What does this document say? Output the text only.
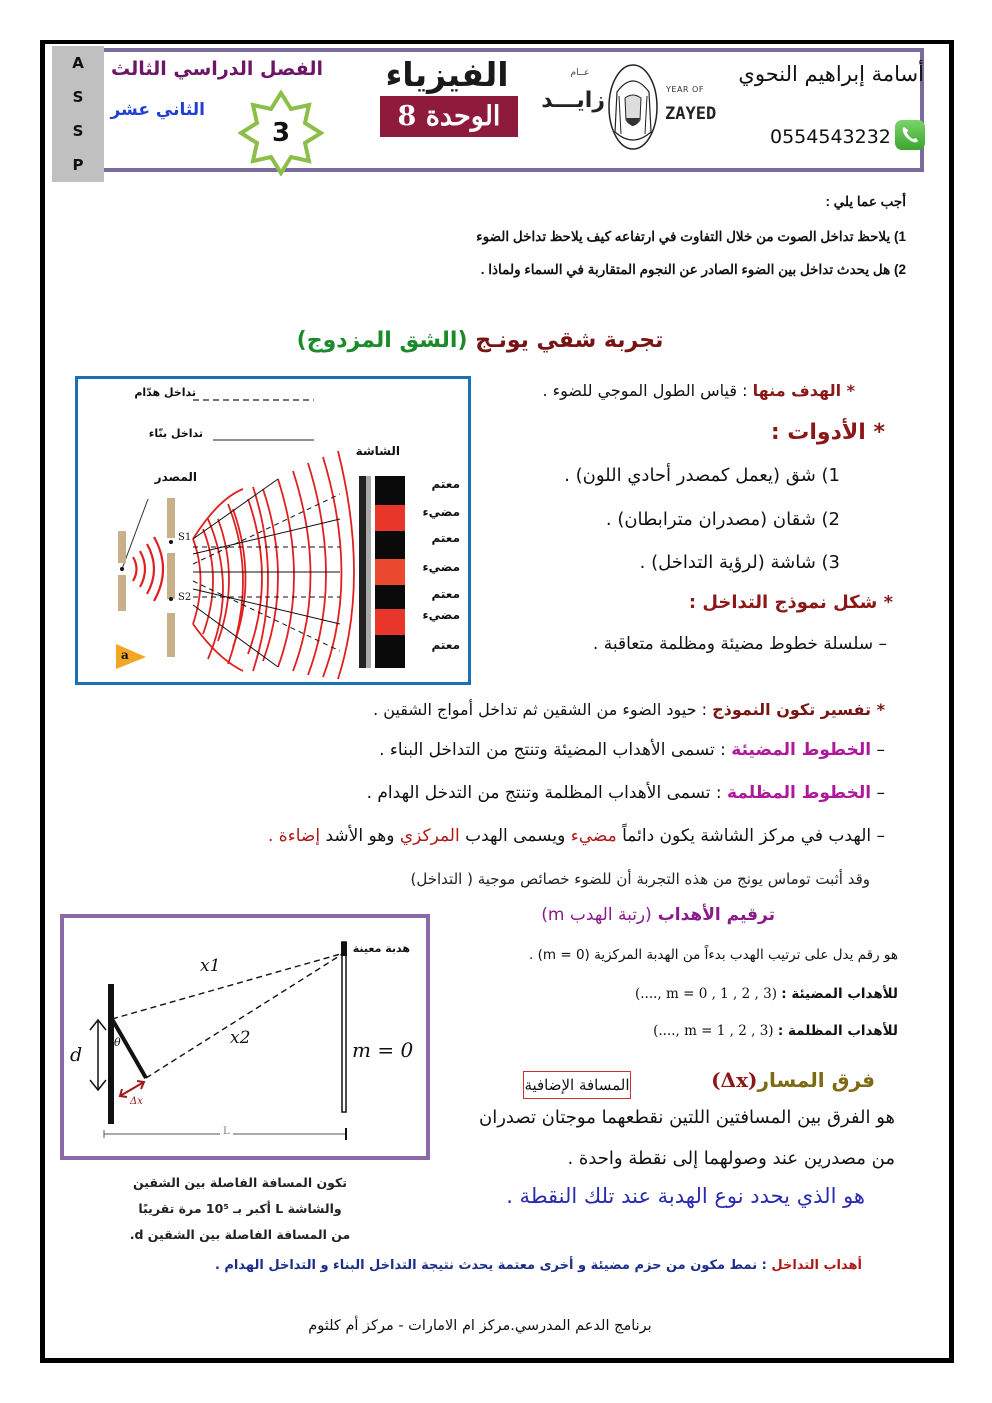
A
S
S
P
الفصل الدراسي الثالث
الثاني عشر
3
الفيزياء
الوحدة 8
عــام
زايـــد	YEAR OF
ZAYED
أسامة إبراهيم النحوي
0554543232
أجب عما يلي :
1) يلاحظ تداخل الصوت من خلال التفاوت في ارتفاعه كيف يلاحظ تداخل الضوء
2) هل يحدث تداخل بين الضوء الصادر عن النجوم المتقاربة في السماء ولماذا .
تجربة شقي يونـج (الشق المزدوج)
تداخل هدّام
تداخل بنّاء
الشاشة
المصدر
S1
S2
a
معتم
مضيء
معتم
مضيء
معتم
مضيء
معتم
* الهدف منها : قياس الطول الموجي للضوء .
* الأدوات :
1) شق (يعمل كمصدر أحادي اللون) .
2) شقان (مصدران مترابطان) .
3) شاشة (لرؤية التداخل) .
* شكل نموذج التداخل :
– سلسلة خطوط مضيئة ومظلمة متعاقبة .
* تفسير تكون النموذج : حيود الضوء من الشقين ثم تداخل أمواج الشقين .
– الخطوط المضيئة : تسمى الأهداب المضيئة وتنتج من التداخل البناء .
– الخطوط المظلمة : تسمى الأهداب المظلمة وتنتج من التدخل الهدام .
– الهدب في مركز الشاشة يكون دائماً مضيء ويسمى الهدب المركزي وهو الأشد إضاءة .
وقد أثبت توماس يونج من هذه التجربة أن للضوء خصائص موجية ( التداخل)
ترقيم الأهداب (رتبة الهدب m)
هو رقم يدل على ترتيب الهدب بدءاً من الهدبة المركزية (m = 0) .
للأهداب المضيئة : (m = 0 , 1 , 2 , 3 ,....)
للأهداب المظلمة : (m = 1 , 2 , 3 ,....)
هدبة معينة
x1
x2
d
θ
Δx
L
m = 0
تكون المسافة الفاصلة بين الشقين
والشاشة L أكبر بـ 10⁵ مرة تقريبًا
من المسافة الفاصلة بين الشقين d.
فرق المسار(Δx)
المسافة الإضافية
هو الفرق بين المسافتين اللتين نقطعهما موجتان تصدران
من مصدرين عند وصولهما إلى نقطة واحدة .
هو الذي يحدد نوع الهدبة عند تلك النقطة .
أهداب التداخل : نمط مكون من حزم مضيئة و أخرى معتمة يحدث نتيجة التداخل البناء و التداخل الهدام .
برنامج الدعم المدرسي.مركز ام الامارات - مركز أم كلثوم
